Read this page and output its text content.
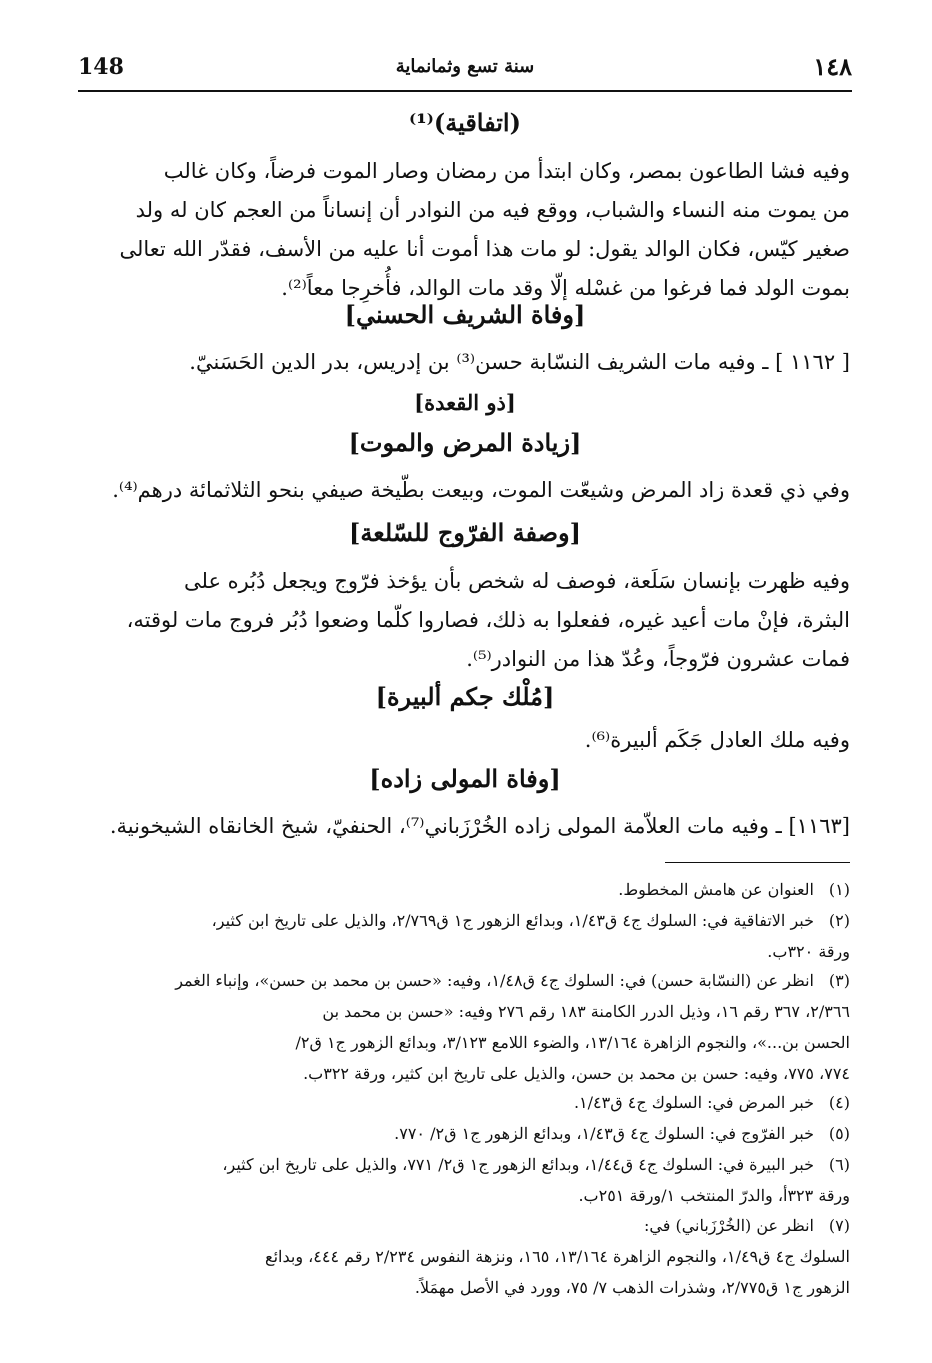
148	سنة تسع وثمانماية	١٤٨
(اتفاقية)⁽¹⁾
وفيه فشا الطاعون بمصر، وكان ابتدأ من رمضان وصار الموت فرضاً، وكان غالب
من يموت منه النساء والشباب، ووقع فيه من النوادر أن إنساناً من العجم كان له ولد
صغير كيّس، فكان الوالد يقول: لو مات هذا أموت أنا عليه من الأسف، فقدّر الله تعالى
بموت الولد فما فرغوا من غسْله إلّا وقد مات الوالد، فأُخرِجا معاً⁽²⁾.
[وفاة الشريف الحسني]
[ ١١٦٢ ] ـ وفيه مات الشريف النسّابة حسن⁽³⁾ بن إدريس، بدر الدين الحَسَنيّ.
[ذو القعدة]
[زيادة المرض والموت]
وفي ذي قعدة زاد المرض وشيعّت الموت، وبيعت بطّيخة صيفي بنحو الثلاثمائة درهم⁽⁴⁾.
[وصفة الفرّوج للسّلعة]
وفيه ظهرت بإنسان سَلَعة، فوصف له شخص بأن يؤخذ فرّوج ويجعل دُبُره على
البثرة، فإنْ مات أعيد غيره، ففعلوا به ذلك، فصاروا كلّما وضعوا دُبُر فروج مات لوقته،
فمات عشرون فرّوجاً، وعُدّ هذا من النوادر⁽⁵⁾.
[مُلْك جكم ألبيرة]
وفيه ملك العادل جَكَم ألبيرة⁽⁶⁾.
[وفاة المولى زاده]
[١١٦٣] ـ وفيه مات العلاّمة المولى زاده الخُرْزَباني⁽⁷⁾، الحنفيّ، شيخ الخانقاه الشيخونية.
(١)العنوان عن هامش المخطوط.
(٢)خبر الاتفاقية في: السلوك ج٤ ق١/٤٣، وبدائع الزهور ج١ ق٢/٧٦٩، والذيل على تاريخ ابن كثير،
ورقة ٣٢٠ب.
(٣)انظر عن (النسّابة حسن) في: السلوك ج٤ ق١/٤٨، وفيه: «حسن بن محمد بن حسن»، وإنباء الغمر
٢/٣٦٦، ٣٦٧ رقم ١٦، وذيل الدرر الكامنة ١٨٣ رقم ٢٧٦ وفيه: «حسن بن محمد بن
الحسن بن...»، والنجوم الزاهرة ١٣/١٦٤، والضوء اللامع ٣/١٢٣، وبدائع الزهور ج١ ق٢/
٧٧٤، ٧٧٥، وفيه: حسن بن محمد بن حسن، والذيل على تاريخ ابن كثير، ورقة ٣٢٢ب.
(٤)خبر المرض في: السلوك ج٤ ق١/٤٣.
(٥)خبر الفرّوج في: السلوك ج٤ ق١/٤٣، وبدائع الزهور ج١ ق٢/ ٧٧٠.
(٦)خبر البيرة في: السلوك ج٤ ق١/٤٤، وبدائع الزهور ج١ ق٢/ ٧٧١، والذيل على تاريخ ابن كثير،
ورقة ٣٢٣أ، والدرّ المنتخب ١/ورقة ٢٥١ب.
(٧)انظر عن (الخُرْزَباني) في:
السلوك ج٤ ق١/٤٩، والنجوم الزاهرة ١٣/١٦٤، ١٦٥، ونزهة النفوس ٢/٢٣٤ رقم ٤٤٤، وبدائع
الزهور ج١ ق٢/٧٧٥، وشذرات الذهب ٧/ ٧٥، وورد في الأصل مهمَلاً.
